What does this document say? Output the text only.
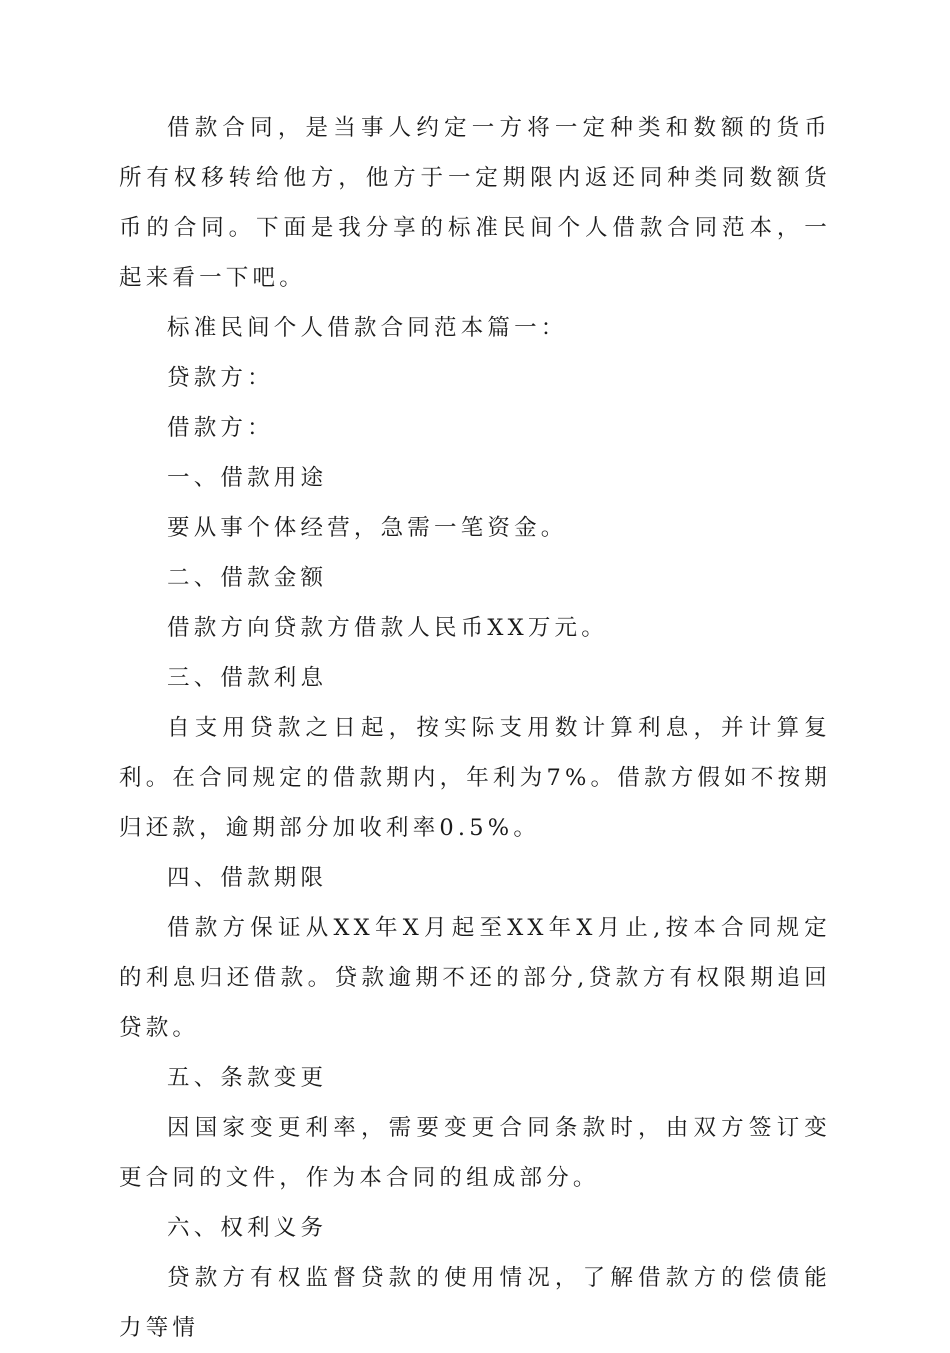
借款合同，是当事人约定一方将一定种类和数额的货币所有权移转给他方，他方于一定期限内返还同种类同数额货币的合同。下面是我分享的标准民间个人借款合同范本，一起来看一下吧。

标准民间个人借款合同范本篇一：

贷款方：

借款方：

一、借款用途

要从事个体经营，急需一笔资金。

二、借款金额

借款方向贷款方借款人民币XX万元。

三、借款利息

自支用贷款之日起，按实际支用数计算利息，并计算复利。在合同规定的借款期内，年利为7%。借款方假如不按期归还款，逾期部分加收利率0.5%。

四、借款期限

借款方保证从XX年X月起至XX年X月止,按本合同规定的利息归还借款。贷款逾期不还的部分,贷款方有权限期追回贷款。

五、条款变更

因国家变更利率，需要变更合同条款时，由双方签订变更合同的文件，作为本合同的组成部分。

六、权利义务

贷款方有权监督贷款的使用情况，了解借款方的偿债能力等情
